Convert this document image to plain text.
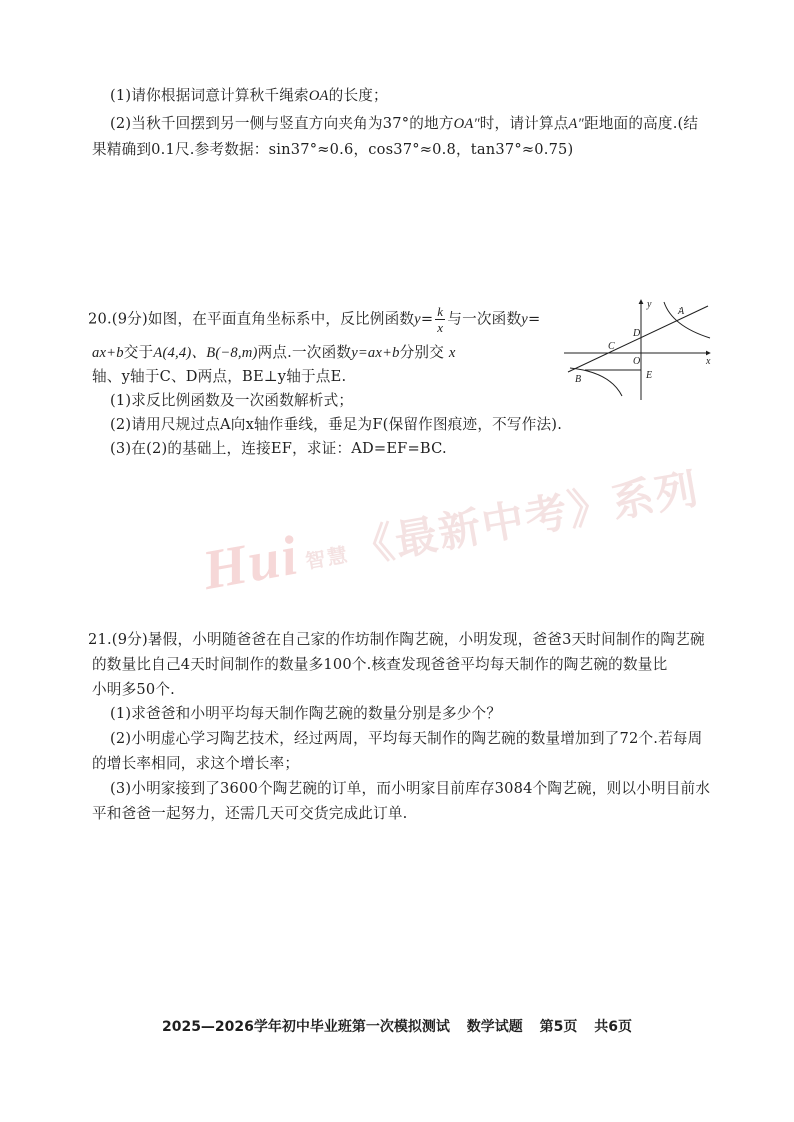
(1)请你根据词意计算秋千绳索OA的长度；
(2)当秋千回摆到另一侧与竖直方向夹角为37°的地方OA″时，请计算点A″距地面的高度.(结
果精确到0.1尺.参考数据：sin37°≈0.6，cos37°≈0.8，tan37°≈0.75)
20.(9分)如图，在平面直角坐标系中，反比例函数$y= \frac{k}{x}$ 与一次函数y=
ax+b交于A(4,4)、B(−8,m)两点.一次函数y=ax+b分别交 x
轴、y轴于C、D两点，BE⊥y轴于点E.
(1)求反比例函数及一次函数解析式；
(2)请用尺规过点A向x轴作垂线，垂足为F(保留作图痕迹，不写作法).
(3)在(2)的基础上，连接EF，求证：AD=EF=BC.
y
x
A
B
C
D
O
E
Hui智慧《最新中考》系列
21.(9分)暑假，小明随爸爸在自己家的作坊制作陶艺碗，小明发现，爸爸3天时间制作的陶艺碗
的数量比自己4天时间制作的数量多100个.核查发现爸爸平均每天制作的陶艺碗的数量比
小明多50个.
(1)求爸爸和小明平均每天制作陶艺碗的数量分别是多少个？
(2)小明虚心学习陶艺技术，经过两周，平均每天制作的陶艺碗的数量增加到了72个.若每周
的增长率相同，求这个增长率；
(3)小明家接到了3600个陶艺碗的订单，而小明家目前库存3084个陶艺碗，则以小明目前水
平和爸爸一起努力，还需几天可交货完成此订单.
2025—2026学年初中毕业班第一次模拟测试 数学试题 第5页 共6页
